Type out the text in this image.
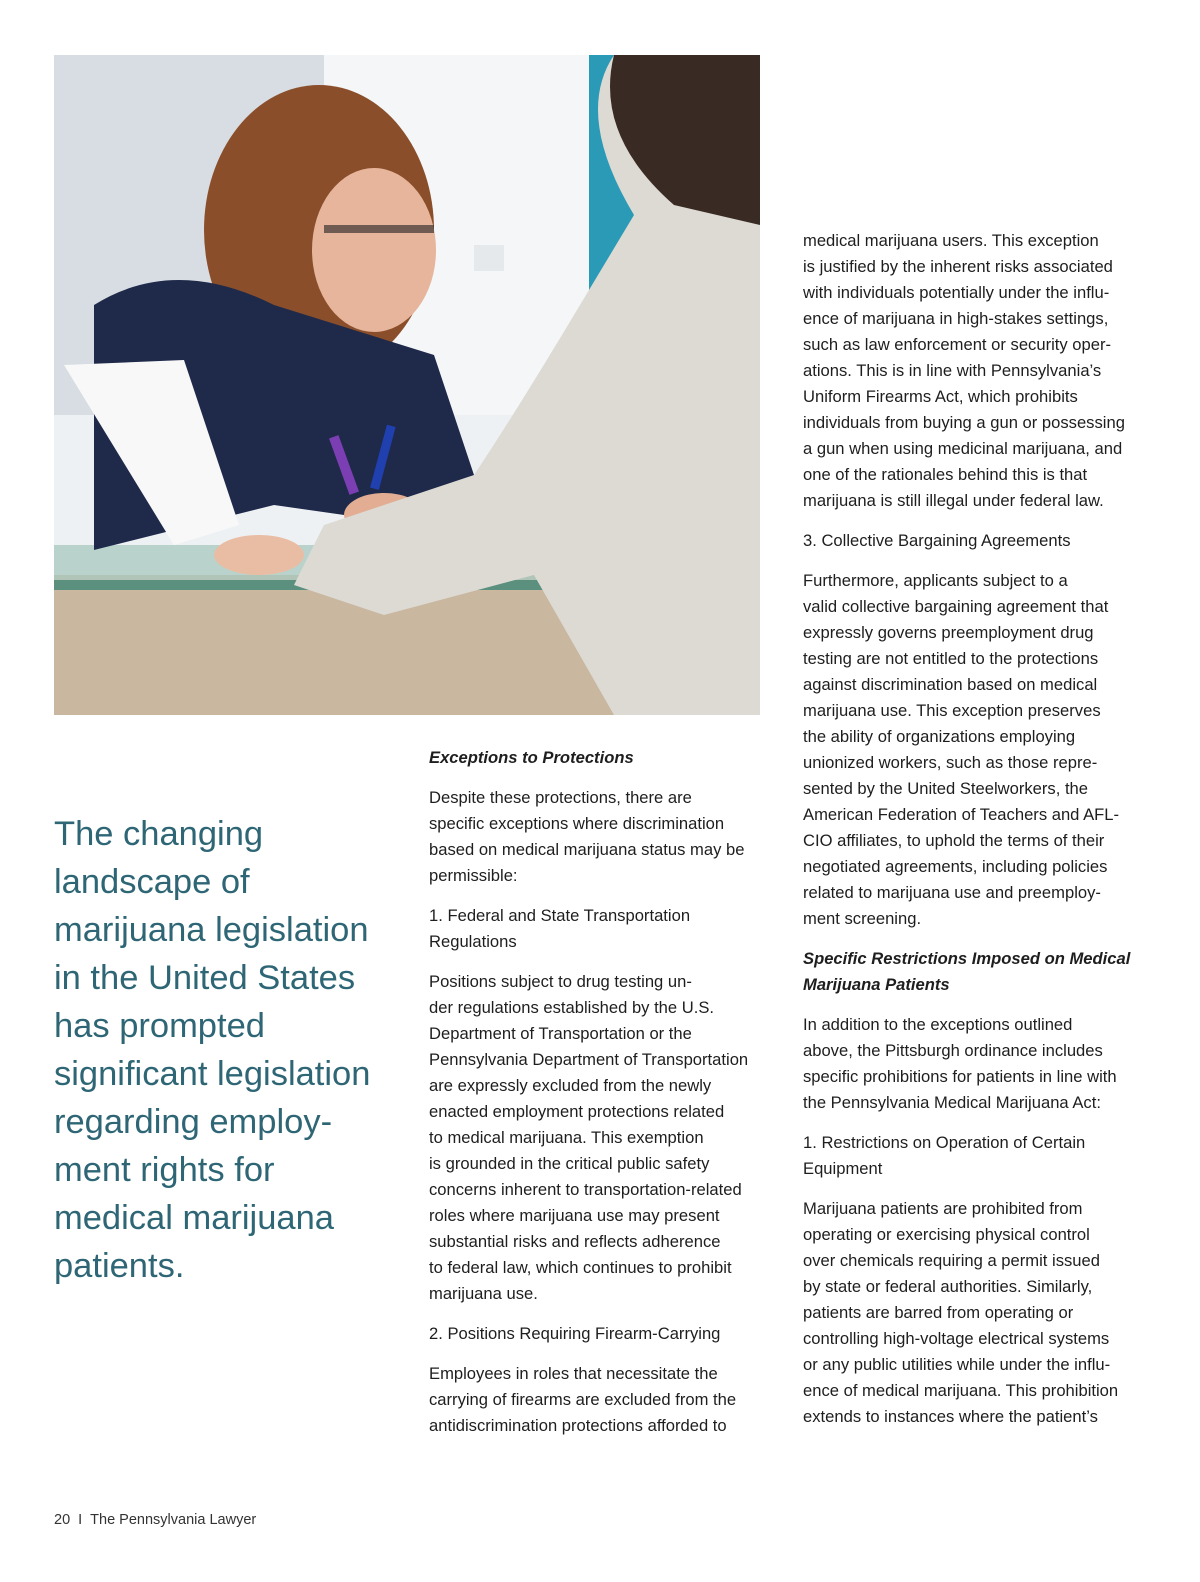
The changing
landscape of
marijuana legislation
in the United States
has prompted
significant legislation
regarding employ-
ment rights for
medical marijuana
patients.

Exceptions to Protections

Despite these protections, there are
specific exceptions where discrimination
based on medical marijuana status may be
permissible:

1. Federal and State Transportation
Regulations

Positions subject to drug testing un-
der regulations established by the U.S.
Department of Transportation or the
Pennsylvania Department of Transportation
are expressly excluded from the newly
enacted employment protections related
to medical marijuana. This exemption
is grounded in the critical public safety
concerns inherent to transportation-related
roles where marijuana use may present
substantial risks and reflects adherence
to federal law, which continues to prohibit
marijuana use.

2. Positions Requiring Firearm-Carrying

Employees in roles that necessitate the
carrying of firearms are excluded from the
antidiscrimination protections afforded to

medical marijuana users. This exception
is justified by the inherent risks associated
with individuals potentially under the influ-
ence of marijuana in high-stakes settings,
such as law enforcement or security oper-
ations. This is in line with Pennsylvania’s
Uniform Firearms Act, which prohibits
individuals from buying a gun or possessing
a gun when using medicinal marijuana, and
one of the rationales behind this is that
marijuana is still illegal under federal law.

3. Collective Bargaining Agreements

Furthermore, applicants subject to a
valid collective bargaining agreement that
expressly governs preemployment drug
testing are not entitled to the protections
against discrimination based on medical
marijuana use. This exception preserves
the ability of organizations employing
unionized workers, such as those repre-
sented by the United Steelworkers, the
American Federation of Teachers and AFL-
CIO affiliates, to uphold the terms of their
negotiated agreements, including policies
related to marijuana use and preemploy-
ment screening.

Specific Restrictions Imposed on Medical
Marijuana Patients

In addition to the exceptions outlined
above, the Pittsburgh ordinance includes
specific prohibitions for patients in line with
the Pennsylvania Medical Marijuana Act:

1. Restrictions on Operation of Certain
Equipment

Marijuana patients are prohibited from
operating or exercising physical control
over chemicals requiring a permit issued
by state or federal authorities. Similarly,
patients are barred from operating or
controlling high-voltage electrical systems
or any public utilities while under the influ-
ence of medical marijuana. This prohibition
extends to instances where the patient’s

20 I The Pennsylvania Lawyer
